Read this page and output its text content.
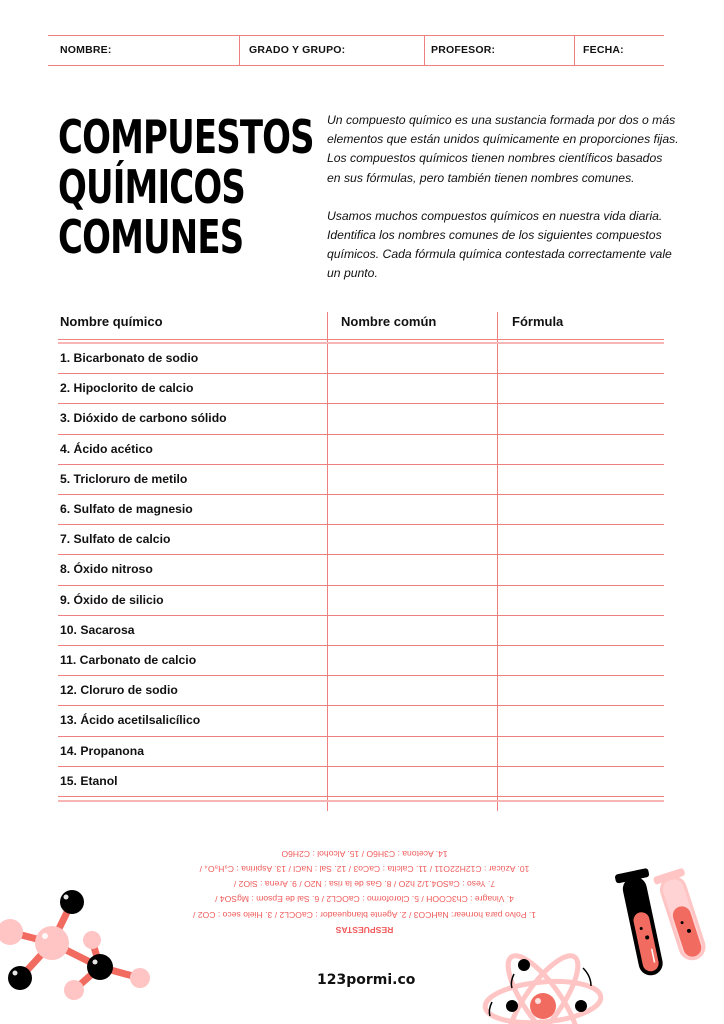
NOMBRE:	GRADO Y GRUPO:	PROFESOR:	FECHA:
COMPUESTOS
QUÍMICOS
COMUNES

Un compuesto químico es una sustancia formada por dos o más elementos que están unidos químicamente en proporciones fijas. Los compuestos químicos tienen nombres científicos basados en sus fórmulas, pero también tienen nombres comunes.

Usamos muchos compuestos químicos en nuestra vida diaria. Identifica los nombres comunes de los siguientes compuestos químicos. Cada fórmula química contestada correctamente vale un punto.

Nombre químico	Nombre común	Fórmula
1. Bicarbonato de sodio
2. Hipoclorito de calcio
3. Dióxido de carbono sólido
4. Ácido acético
5. Tricloruro de metilo
6. Sulfato de magnesio
7. Sulfato de calcio
8. Óxido nitroso
9. Óxido de silicio
10. Sacarosa
11. Carbonato de calcio
12. Cloruro de sodio
13. Ácido acetilsalicílico
14. Propanona
15. Etanol
RESPUESTAS
1. Polvo para hornear: NaHCO3 / 2. Agente blanqueador : CaOCL2 / 3. Hielo seco : CO2 /
4. Vinagre : Ch3COOH / 5. Cloroformo : CaOCL2 / 6. Sal de Epsom : MgSO4 /
7. Yeso : CaSO4.1/2 h2O / 8. Gas de la risa : N2O / 9. Arena : SiO2 /
10. Azúcar : C12H22O11 / 11. Calcita : CaCo3 / 12. Sal : NaCl / 13. Aspirina : C₉H₈O₄ /
14. Acetona : C3H6O / 15. Alcohol : C2H6O
123pormi.co
